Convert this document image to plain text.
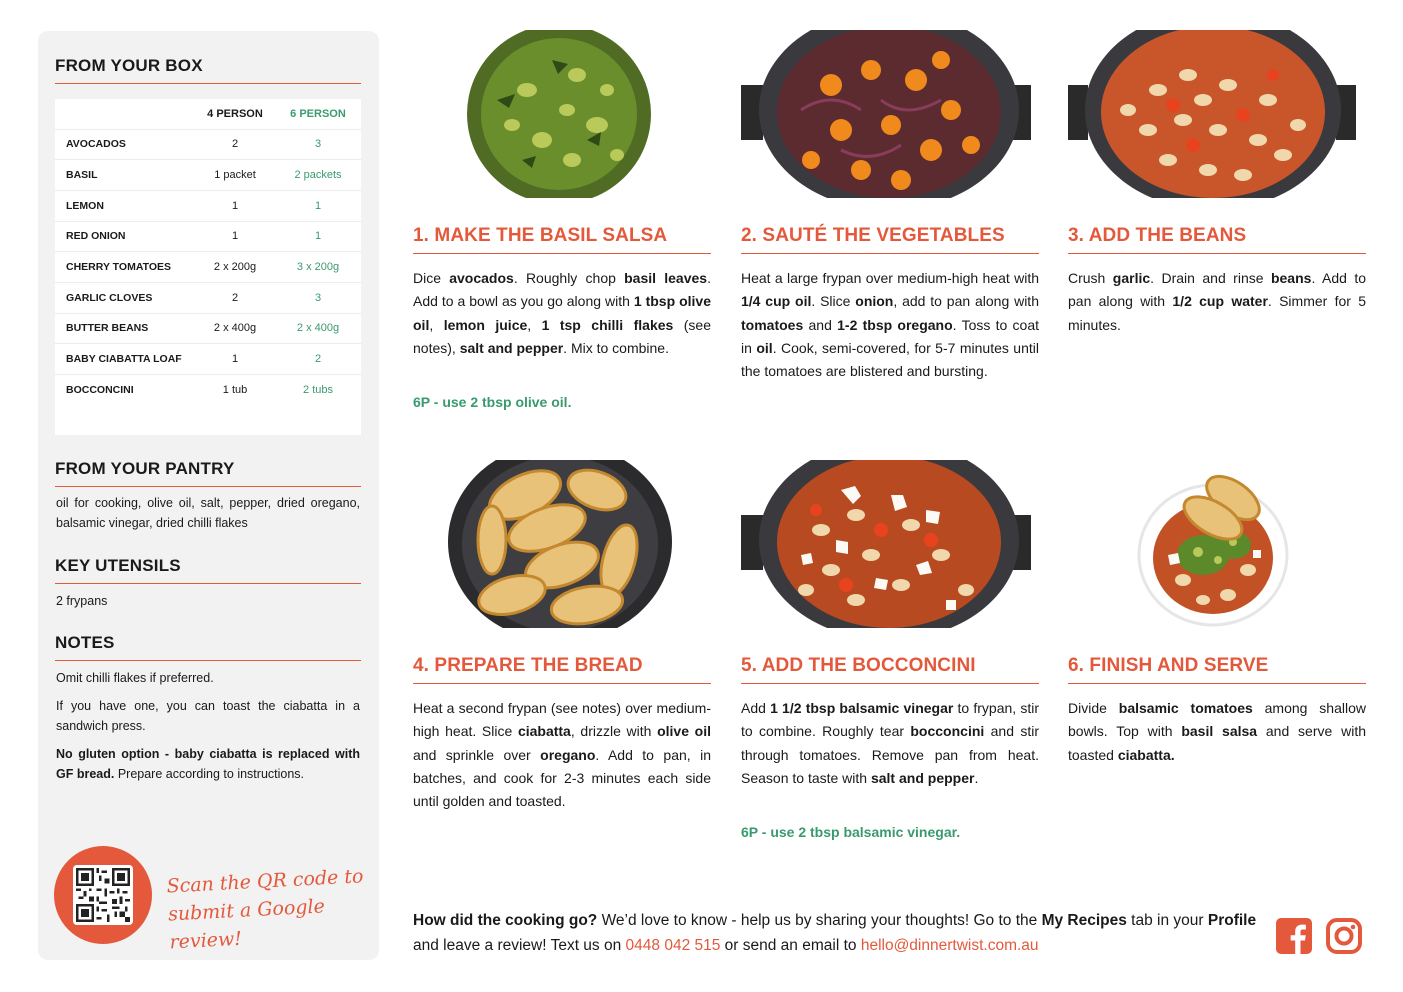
FROM YOUR BOX
	4 PERSON	6 PERSON
AVOCADOS	2	3
BASIL	1 packet	2 packets
LEMON	1	1
RED ONION	1	1
CHERRY TOMATOES	2 x 200g	3 x 200g
GARLIC CLOVES	2	3
BUTTER BEANS	2 x 400g	2 x 400g
BABY CIABATTA LOAF	1	2
BOCCONCINI	1 tub	2 tubs
FROM YOUR PANTRY
oil for cooking, olive oil, salt, pepper, dried oregano, balsamic vinegar, dried chilli flakes
KEY UTENSILS
2 frypans
NOTES
Omit chilli flakes if preferred.
If you have one, you can toast the ciabatta in a sandwich press.
No gluten option - baby ciabatta is replaced with GF bread. Prepare according to instructions.
Scan the QR code to
submit a Google review!
1. MAKE THE BASIL SALSA
Dice avocados. Roughly chop basil leaves. Add to a bowl as you go along with 1 tbsp olive oil, lemon juice, 1 tsp chilli flakes (see notes), salt and pepper. Mix to combine.
6P - use 2 tbsp olive oil.
2. SAUTÉ THE VEGETABLES
Heat a large frypan over medium-high heat with 1/4 cup oil. Slice onion, add to pan along with tomatoes and 1-2 tbsp oregano. Toss to coat in oil. Cook, semi-covered, for 5-7 minutes until the tomatoes are blistered and bursting.
3. ADD THE BEANS
Crush garlic. Drain and rinse beans. Add to pan along with 1/2 cup water. Simmer for 5 minutes.
4. PREPARE THE BREAD
Heat a second frypan (see notes) over medium-high heat. Slice ciabatta, drizzle with olive oil and sprinkle over oregano. Add to pan, in batches, and cook for 2-3 minutes each side until golden and toasted.
5. ADD THE BOCCONCINI
Add 1 1/2 tbsp balsamic vinegar to frypan, stir to combine. Roughly tear bocconcini and stir through tomatoes. Remove pan from heat. Season to taste with salt and pepper.
6P - use 2 tbsp balsamic vinegar.
6. FINISH AND SERVE
Divide balsamic tomatoes among shallow bowls. Top with basil salsa and serve with toasted ciabatta.
How did the cooking go? We’d love to know - help us by sharing your thoughts! Go to the My Recipes tab in your Profile and leave a review! Text us on 0448 042 515 or send an email to hello@dinnertwist.com.au
